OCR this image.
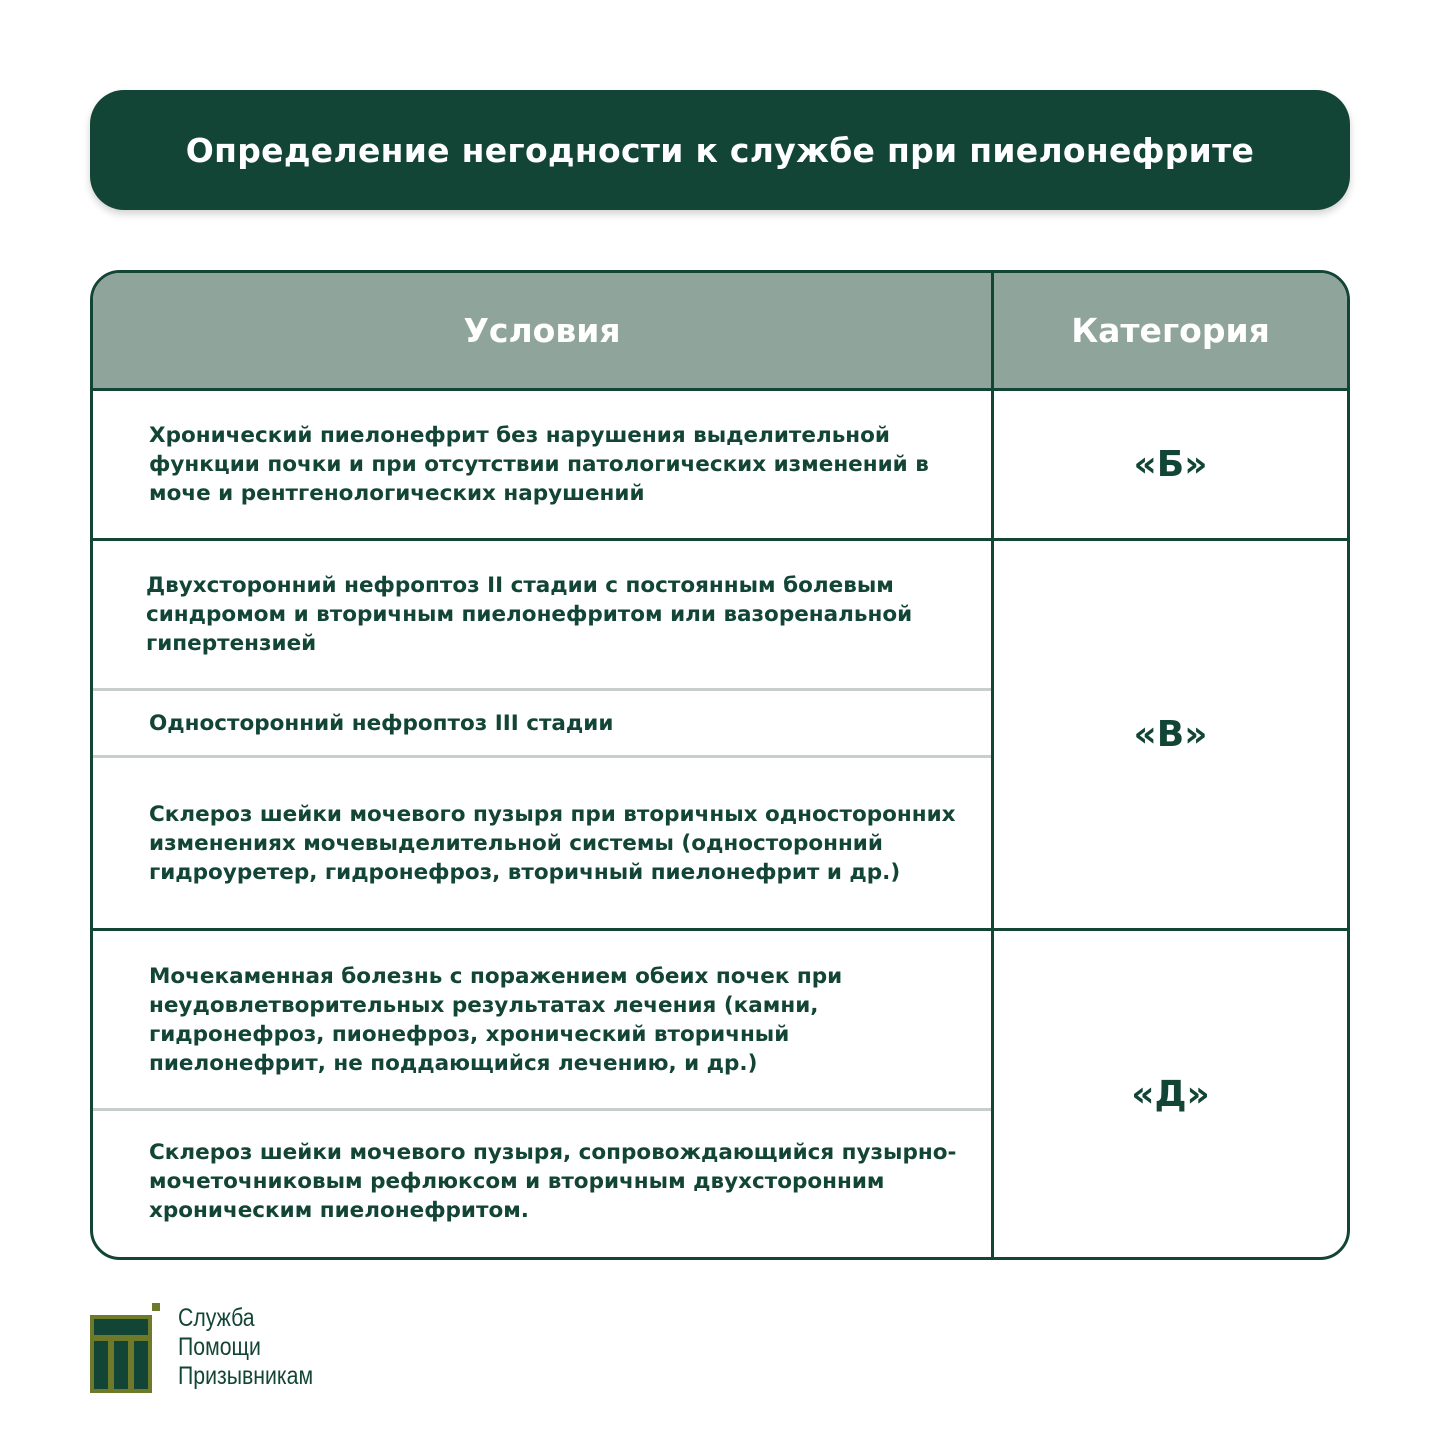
Определение негодности к службе при пиелонефрите
Условия	Категория
Хронический пиелонефрит без нарушения выделительной функции почки и при отсутствии патологических изменений в моче и рентгенологических нарушений
«Б»
Двухсторонний нефроптоз II стадии с постоянным болевым синдромом и вторичным пиелонефритом или вазоренальной гипертензией
Односторонний нефроптоз III стадии
Склероз шейки мочевого пузыря при вторичных односторонних изменениях мочевыделительной системы (односторонний гидроуретер, гидронефроз, вторичный пиелонефрит и др.)
«В»
Мочекаменная болезнь с поражением обеих почек при неудовлетворительных результатах лечения (камни, гидронефроз, пионефроз, хронический вторичный пиелонефрит, не поддающийся лечению, и др.)
Склероз шейки мочевого пузыря, сопровождающийся пузырно-мочеточниковым рефлюксом и вторичным двухсторонним хроническим пиелонефритом.
«Д»
Служба
Помощи
Призывникам
